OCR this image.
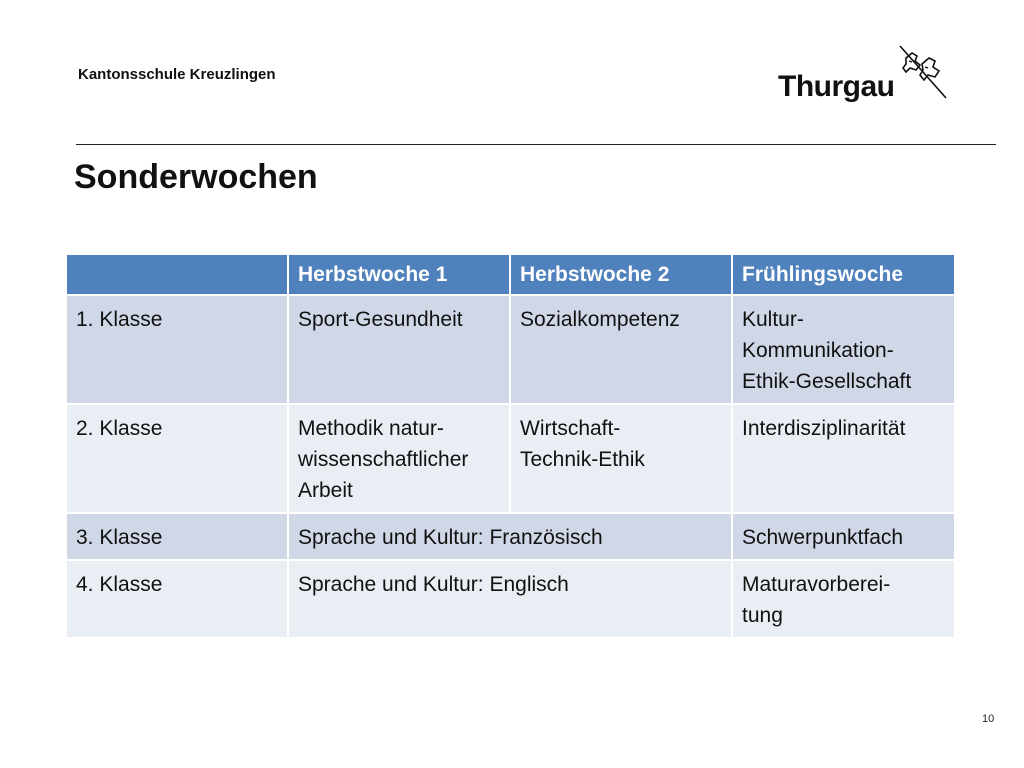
Kantonsschule Kreuzlingen	Thurgau
Sonderwochen
	Herbstwoche 1	Herbstwoche 2	Frühlingswoche
1. Klasse	Sport-Gesundheit	Sozialkompetenz	Kultur-
Kommunikation-
Ethik-Gesellschaft
2. Klasse	Methodik natur-
wissenschaftlicher
Arbeit	Wirtschaft-
Technik-Ethik	Interdisziplinarität
3. Klasse	Sprache und Kultur: Französisch		Schwerpunktfach
4. Klasse	Sprache und Kultur: Englisch		Maturavorberei-
tung
10
